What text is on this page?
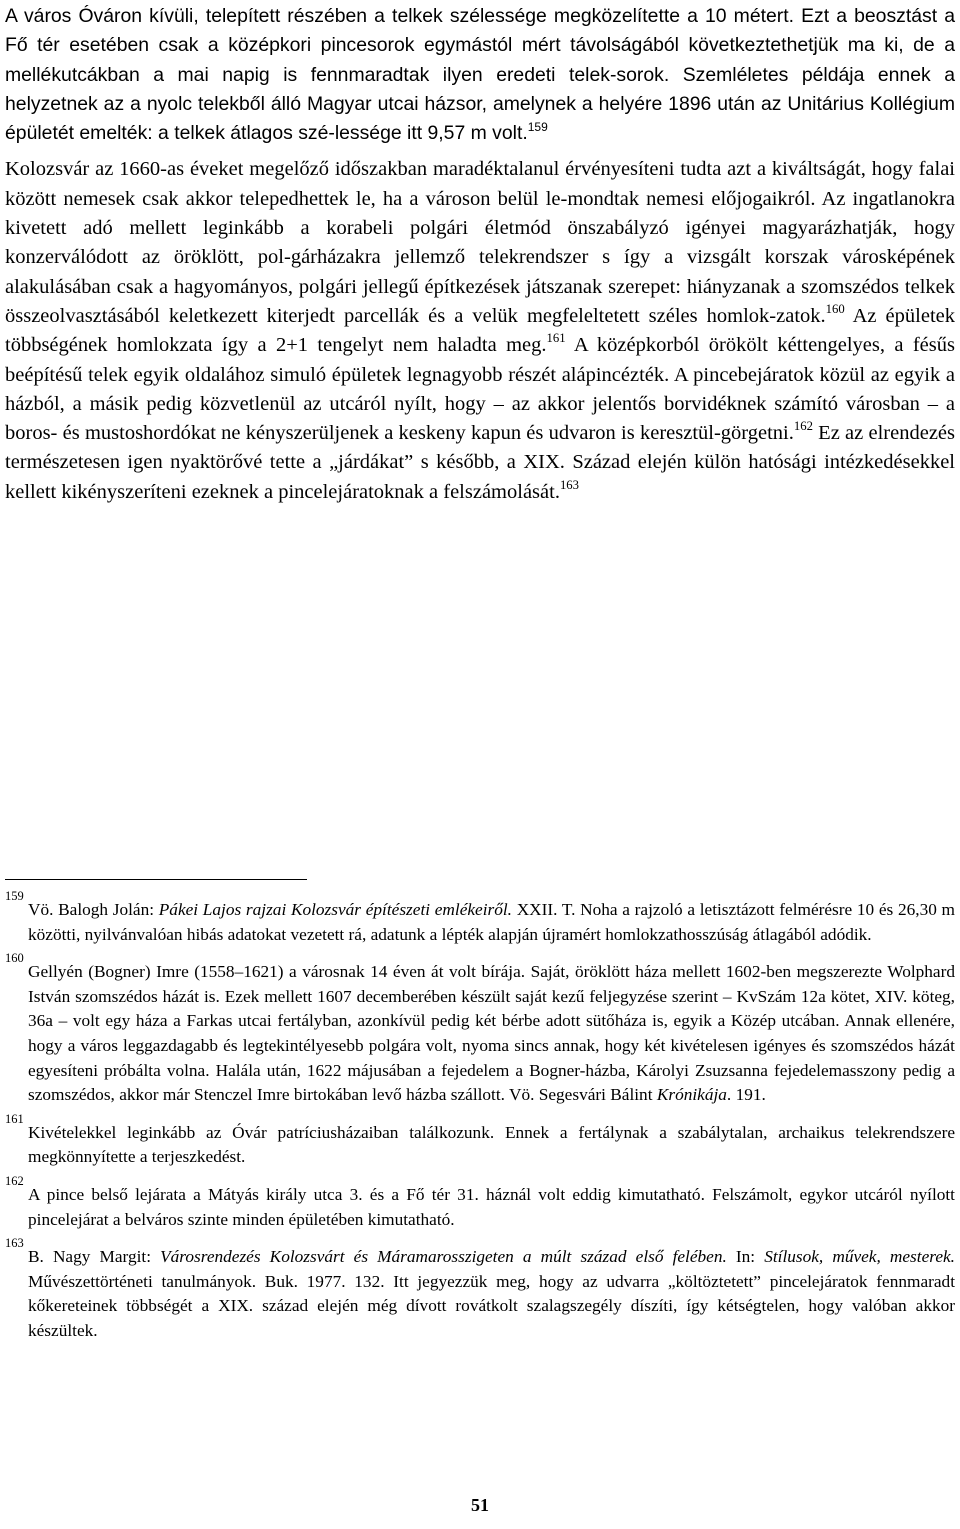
A város Óváron kívüli, telepített részében a telkek szélessége megközelítette a 10 métert. Ezt a beosztást a Fő tér esetében csak a középkori pincesorok egymástól mért távolságából következtethetjük ma ki, de a mellékutcákban a mai napig is fennmaradtak ilyen eredeti telek-sorok. Szemléletes példája ennek a helyzetnek az a nyolc telekből álló Magyar utcai házsor, amelynek a helyére 1896 után az Unitárius Kollégium épületét emelték: a telkek átlagos szé-lessége itt 9,57 m volt.$^{159}$

Kolozsvár az 1660-as éveket megelőző időszakban maradéktalanul érvényesíteni tudta azt a kiváltságát, hogy falai között nemesek csak akkor telepedhettek le, ha a városon belül le-mondtak nemesi előjogaikról. Az ingatlanokra kivetett adó mellett leginkább a korabeli polgári életmód önszabályzó igényei magyarázhatják, hogy konzerválódott az öröklött, pol-gárházakra jellemző telekrendszer s így a vizsgált korszak városképének alakulásában csak a hagyományos, polgári jellegű építkezések játszanak szerepet: hiányzanak a szomszédos telkek összeolvasztásából keletkezett kiterjedt parcellák és a velük megfeleltetett széles homlok-zatok.$^{160}$ Az épületek többségének homlokzata így a 2+1 tengelyt nem haladta meg.$^{161}$ A középkorból örökölt kéttengelyes, a fésűs beépítésű telek egyik oldalához simuló épületek legnagyobb részét alápincézték. A pincebejáratok közül az egyik a házból, a másik pedig közvetlenül az utcáról nyílt, hogy – az akkor jelentős borvidéknek számító városban – a boros- és mustoshordókat ne kényszerüljenek a keskeny kapun és udvaron is keresztül-görgetni.$^{162}$ Ez az elrendezés természetesen igen nyaktörővé tette a „járdákat” s később, a XIX. Század elején külön hatósági intézkedésekkel kellett kikényszeríteni ezeknek a pincelejáratoknak a felszámolását.$^{163}$

159
Vö. Balogh Jolán: Pákei Lajos rajzai Kolozsvár építészeti emlékeiről. XXII. T. Noha a rajzoló a letisztázott felmérésre 10 és 26,30 m közötti, nyilvánvalóan hibás adatokat vezetett rá, adatunk a lépték alapján újramért homlokzathosszúság átlagából adódik.
160
Gellyén (Bogner) Imre (1558–1621) a városnak 14 éven át volt bírája. Saját, öröklött háza mellett 1602-ben megszerezte Wolphard István szomszédos házát is. Ezek mellett 1607 decemberében készült saját kezű feljegyzése szerint – KvSzám 12a kötet, XIV. köteg, 36a – volt egy háza a Farkas utcai fertályban, azonkívül pedig két bérbe adott sütőháza is, egyik a Közép utcában. Annak ellenére, hogy a város leggazdagabb és legtekintélyesebb polgára volt, nyoma sincs annak, hogy két kivételesen igényes és szomszédos házát egyesíteni próbálta volna. Halála után, 1622 májusában a fejedelem a Bogner-házba, Károlyi Zsuzsanna fejedelemasszony pedig a szomszédos, akkor már Stenczel Imre birtokában levő házba szállott. Vö. Segesvári Bálint Krónikája. 191.
161
Kivételekkel leginkább az Óvár patríciusházaiban találkozunk. Ennek a fertálynak a szabálytalan, archaikus telekrendszere megkönnyítette a terjeszkedést.
162
A pince belső lejárata a Mátyás király utca 3. és a Fő tér 31. háznál volt eddig kimutatható. Felszámolt, egykor utcáról nyílott pincelejárat a belváros szinte minden épületében kimutatható.
163
B. Nagy Margit: Városrendezés Kolozsvárt és Máramarosszigeten a múlt század első felében. In: Stílusok, művek, mesterek. Művészettörténeti tanulmányok. Buk. 1977. 132. Itt jegyezzük meg, hogy az udvarra „költöztetett” pincelejáratok fennmaradt kőkereteinek többségét a XIX. század elején még dívott rovátkolt szalagszegély díszíti, így kétségtelen, hogy valóban akkor készültek.
51
